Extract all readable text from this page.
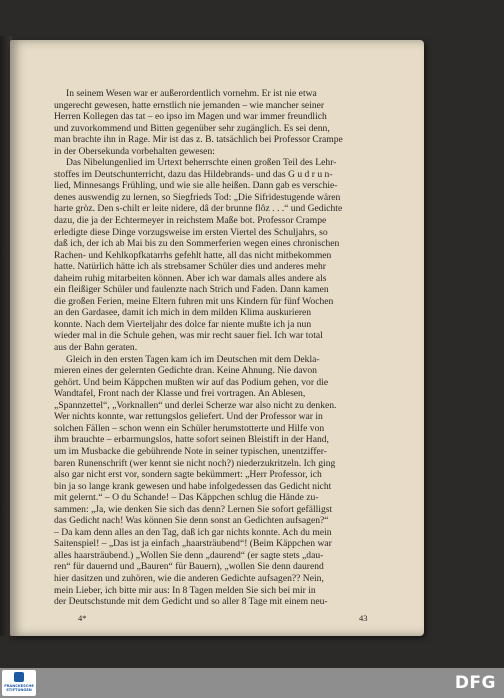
In seinem Wesen war er außerordentlich vornehm. Er ist nie etwa
ungerecht gewesen, hatte ernstlich nie jemanden – wie mancher seiner
Herren Kollegen das tat – eo ipso im Magen und war immer freundlich
und zuvorkommend und Bitten gegenüber sehr zugänglich. Es sei denn,
man brachte ihn in Rage. Mir ist das z. B. tatsächlich bei Professor Crampe
in der Obersekunda vorbehalten gewesen:
Das Nibelungenlied im Urtext beherrschte einen großen Teil des Lehr-
stoffes im Deutschunterricht, dazu das Hildebrands- und das G u d r u n-
lied, Minnesangs Frühling, und wie sie alle heißen. Dann gab es verschie-
denes auswendig zu lernen, so Siegfrieds Tod: „Die Sifridestugende wären
harte gròz. Den s-chilt er leite nidere, dâ der brunne flôz . . .“ und Gedichte
dazu, die ja der Echtermeyer in reichstem Maße bot. Professor Crampe
erledigte diese Dinge vorzugsweise im ersten Viertel des Schuljahrs, so
daß ich, der ich ab Mai bis zu den Sommerferien wegen eines chronischen
Rachen- und Kehlkopfkatarrhs gefehlt hatte, all das nicht mitbekommen
hatte. Natürlich hätte ich als strebsamer Schüler dies und anderes mehr
daheim ruhig mitarbeiten können. Aber ich war damals alles andere als
ein fleißiger Schüler und faulenzte nach Strich und Faden. Dann kamen
die großen Ferien, meine Eltern fuhren mit uns Kindern für fünf Wochen
an den Gardasee, damit ich mich in dem milden Klima auskurieren
konnte. Nach dem Vierteljahr des dolce far niente mußte ich ja nun
wieder mal in die Schule gehen, was mir recht sauer fiel. Ich war total
aus der Bahn geraten.
Gleich in den ersten Tagen kam ich im Deutschen mit dem Dekla-
mieren eines der gelernten Gedichte dran. Keine Ahnung. Nie davon
gehört. Und beim Käppchen mußten wir auf das Podium gehen, vor die
Wandtafel, Front nach der Klasse und frei vortragen. An Ablesen,
„Spannzettel“, „Vorknallen“ und derlei Scherze war also nicht zu denken.
Wer nichts konnte, war rettungslos geliefert. Und der Professor war in
solchen Fällen – schon wenn ein Schüler herumstotterte und Hilfe von
ihm brauchte – erbarmungslos, hatte sofort seinen Bleistift in der Hand,
um im Musbacke die gebührende Note in seiner typischen, unentziffer-
baren Runenschrift (wer kennt sie nicht noch?) niederzukritzeln. Ich ging
also gar nicht erst vor, sondern sagte bekümmert: „Herr Professor, ich
bin ja so lange krank gewesen und habe infolgedessen das Gedicht nicht
mit gelernt.“ – O du Schande! – Das Käppchen schlug die Hände zu-
sammen: „Ja, wie denken Sie sich das denn? Lernen Sie sofort gefälligst
das Gedicht nach! Was können Sie denn sonst an Gedichten aufsagen?“
– Da kam denn alles an den Tag, daß ich gar nichts konnte. Ach du mein
Saitenspiel! – „Das ist ja einfach „haarsträubend“! (Beim Käppchen war
alles haarsträubend.) „Wollen Sie denn „daurend“ (er sagte stets „dau-
ren“ für dauernd und „Bauren“ für Bauern), „wollen Sie denn daurend
hier dasitzen und zuhören, wie die anderen Gedichte aufsagen?? Nein,
mein Lieber, ich bitte mir aus: In 8 Tagen melden Sie sich bei mir in
der Deutschstunde mit dem Gedicht und so aller 8 Tage mit einem neu-
4*	43
FRANCKESCHE STIFTUNGEN	DFG
